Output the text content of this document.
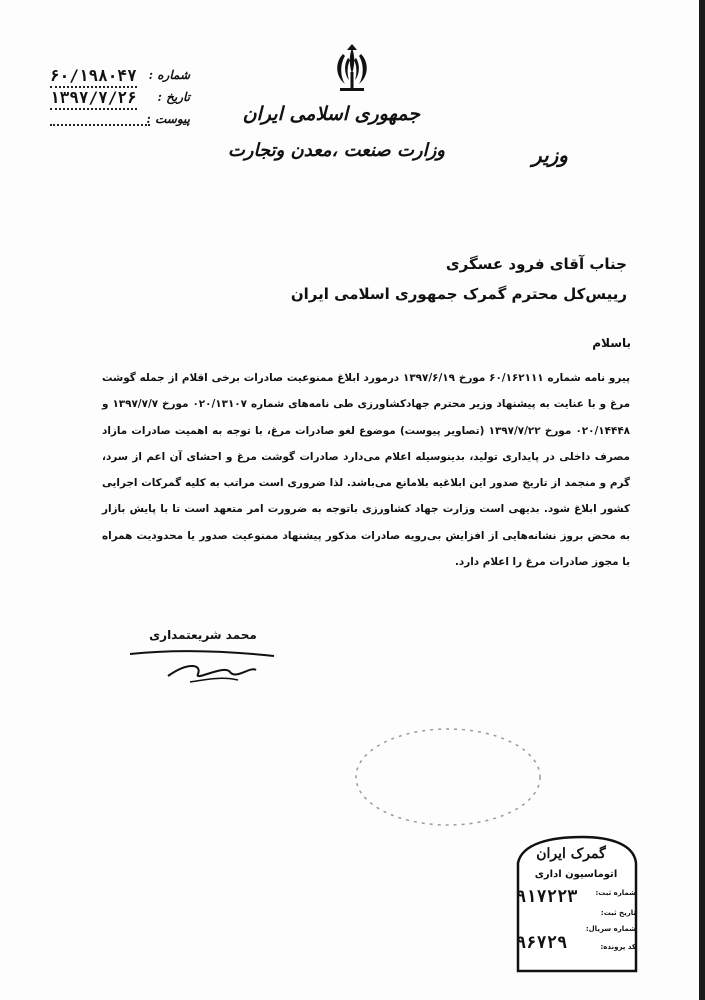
جمهوری اسلامی ایران
وزارت صنعت ،معدن وتجارت	وزیر
شماره :
۶۰/۱۹۸۰۴۷
تاریخ :
۱۳۹۷/۷/۲۶
پیوست :
جناب آقای فرود عسگری
رییس‌کل محترم گمرک جمهوری اسلامی ایران
باسلام

پیرو نامه شماره ۶۰/۱۶۲۱۱۱ مورخ ۱۳۹۷/۶/۱۹ درمورد ابلاغ ممنوعیت صادرات برخی اقلام از جمله گوشت مرغ و با عنایت به پیشنهاد وزیر محترم جهادکشاورزی طی نامه‌های شماره ۰۲۰/۱۳۱۰۷ مورخ ۱۳۹۷/۷/۷ و ۰۲۰/۱۴۴۴۸ مورخ ۱۳۹۷/۷/۲۲ (تصاویر پیوست) موضوع لغو صادرات مرغ، با توجه به اهمیت صادرات مازاد مصرف داخلی در پایداری تولید، بدینوسیله اعلام می‌دارد صادرات گوشت مرغ و احشای آن اعم از سرد، گرم و منجمد از تاریخ صدور این ابلاغیه بلامانع می‌باشد. لذا ضروری است مراتب به کلیه گمرکات اجرایی کشور ابلاغ شود. بدیهی است وزارت جهاد کشاورزی باتوجه به ضرورت امر متعهد است تا با پایش بازار به محض بروز نشانه‌هایی از افزایش بی‌رویه صادرات مذکور پیشنهاد ممنوعیت صدور یا محدودیت همراه با مجوز صادرات مرغ را اعلام دارد.

محمد شریعتمداری
گمرک ایران
اتوماسیون اداری
شماره ثبت:
۹۱۷۲۲۳
تاریخ ثبت:
شماره سریال:
کد پرونده:
۹۶۷۲۹
